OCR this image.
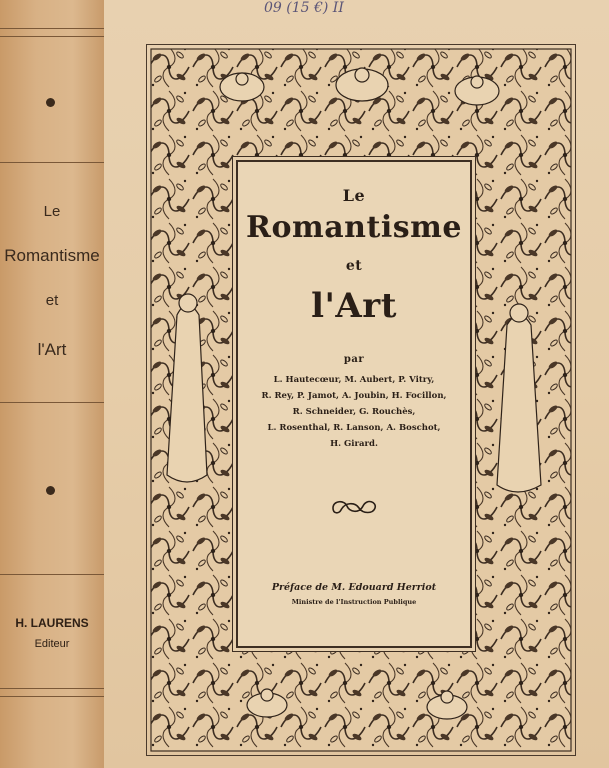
Le
Romantisme
et
l'Art
H. LAURENS
Editeur
09 (15 €) II
Le
Romantisme
et
l'Art
par
L. Hautecœur, M. Aubert, P. Vitry,
R. Rey, P. Jamot, A. Joubin, H. Focillon,
R. Schneider, G. Rouchès,
L. Rosenthal, R. Lanson, A. Boschot,
H. Girard.
Préface de M. Edouard Herriot
Ministre de l'Instruction Publique
